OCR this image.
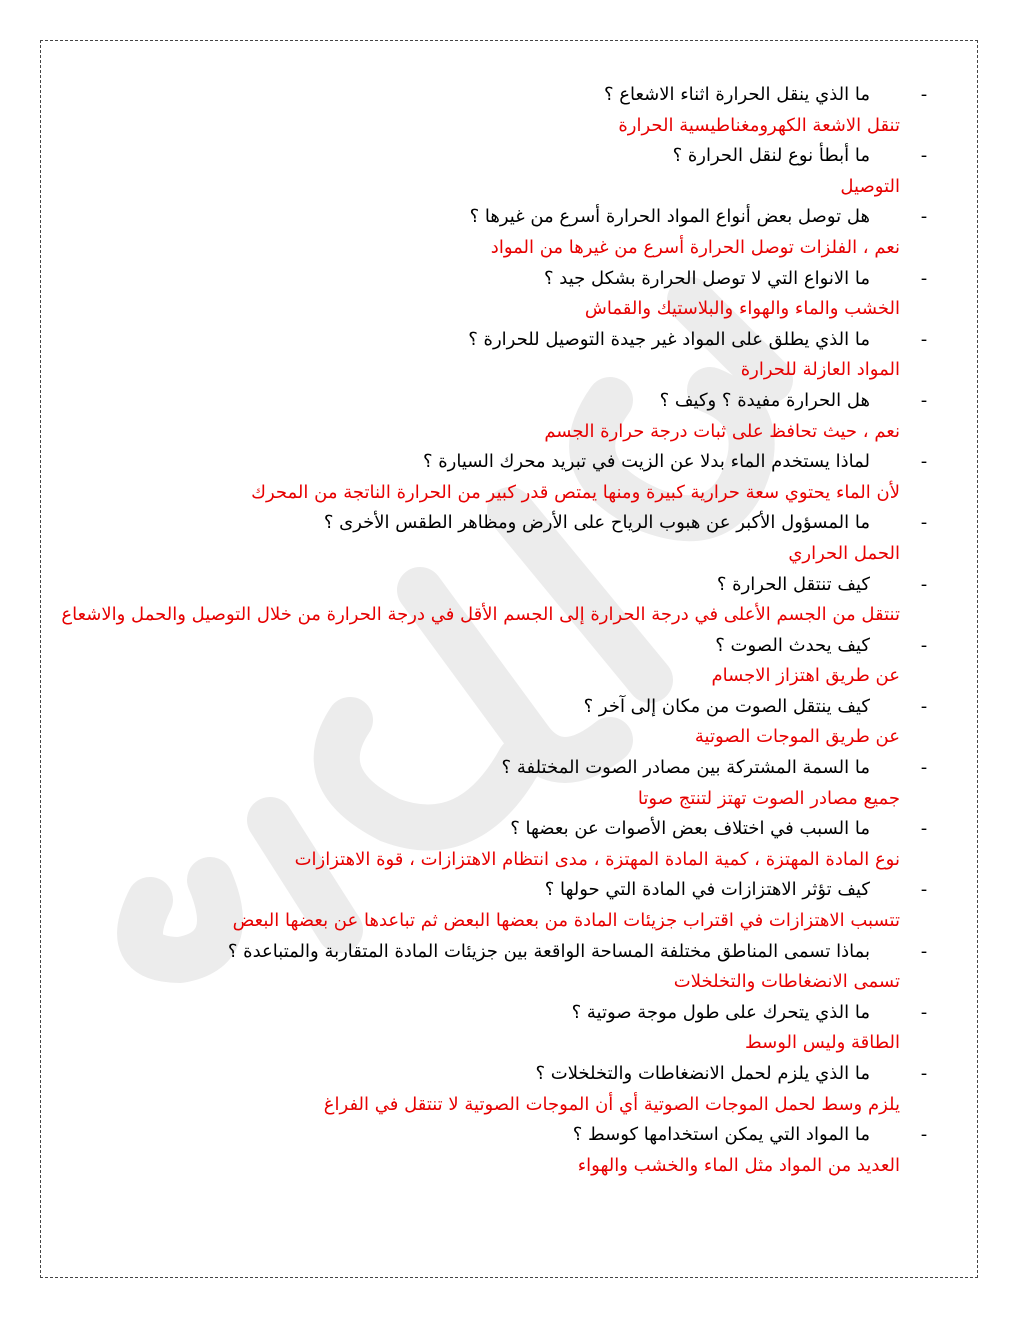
-
ما الذي ينقل الحرارة اثناء الاشعاع ؟
تنقل الاشعة الكهرومغناطيسية الحرارة
-
ما أبطأ نوع لنقل الحرارة ؟
التوصيل
-
هل توصل بعض أنواع المواد الحرارة أسرع من غيرها ؟
نعم ، الفلزات توصل الحرارة أسرع من غيرها من المواد
-
ما الانواع التي لا توصل الحرارة بشكل جيد ؟
الخشب والماء والهواء والبلاستيك والقماش
-
ما الذي يطلق على المواد غير جيدة التوصيل للحرارة ؟
المواد العازلة للحرارة
-
هل الحرارة مفيدة ؟ وكيف ؟
نعم ، حيث تحافظ على ثبات درجة حرارة الجسم
-
لماذا يستخدم الماء بدلا عن الزيت في تبريد محرك السيارة ؟
لأن الماء يحتوي سعة حرارية كبيرة ومنها يمتص قدر كبير من الحرارة الناتجة من المحرك
-
ما المسؤول الأكبر عن هبوب الرياح على الأرض ومظاهر الطقس الأخرى ؟
الحمل الحراري
-
كيف تنتقل الحرارة ؟
تنتقل من الجسم الأعلى في درجة الحرارة إلى الجسم الأقل في درجة الحرارة من خلال التوصيل والحمل والاشعاع
-
كيف يحدث الصوت ؟
عن طريق اهتزاز الاجسام
-
كيف ينتقل الصوت من مكان إلى آخر ؟
عن طريق الموجات الصوتية
-
ما السمة المشتركة بين مصادر الصوت المختلفة ؟
جميع مصادر الصوت تهتز لتنتج صوتا
-
ما السبب في اختلاف بعض الأصوات عن بعضها ؟
نوع المادة المهتزة ، كمية المادة المهتزة ، مدى انتظام الاهتزازات ، قوة الاهتزازات
-
كيف تؤثر الاهتزازات في المادة التي حولها ؟
تتسبب الاهتزازات في اقتراب جزيئات المادة من بعضها البعض ثم تباعدها عن بعضها البعض
-
بماذا تسمى المناطق مختلفة المساحة الواقعة بين جزيئات المادة المتقاربة والمتباعدة ؟
تسمى الانضغاطات والتخلخلات
-
ما الذي يتحرك على طول موجة صوتية ؟
الطاقة وليس الوسط
-
ما الذي يلزم لحمل الانضغاطات والتخلخلات ؟
يلزم وسط لحمل الموجات الصوتية أي أن الموجات الصوتية لا تنتقل في الفراغ
-
ما المواد التي يمكن استخدامها كوسط ؟
العديد من المواد مثل الماء والخشب والهواء
